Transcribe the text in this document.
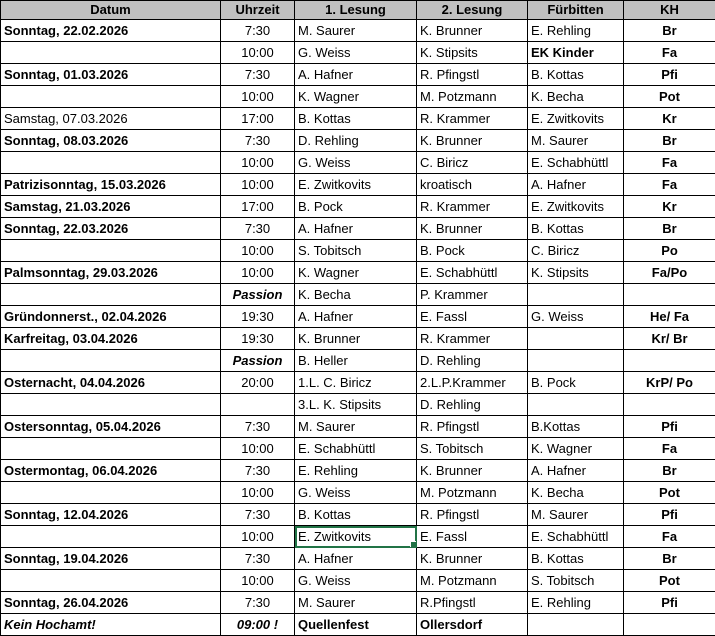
Datum	Uhrzeit	1. Lesung	2. Lesung	Fürbitten	KH
Sonntag, 22.02.2026	7:30	M. Saurer	K. Brunner	E. Rehling	Br
	10:00	G. Weiss	K. Stipsits	EK Kinder	Fa
Sonntag, 01.03.2026	7:30	A. Hafner	R. Pfingstl	B. Kottas	Pfi
	10:00	K. Wagner	M. Potzmann	K. Becha	Pot
Samstag, 07.03.2026	17:00	B. Kottas	R. Krammer	E. Zwitkovits	Kr
Sonntag, 08.03.2026	7:30	D. Rehling	K. Brunner	M. Saurer	Br
	10:00	G. Weiss	C. Biricz	E. Schabhüttl	Fa
Patrizisonntag, 15.03.2026	10:00	E. Zwitkovits	kroatisch	A. Hafner	Fa
Samstag, 21.03.2026	17:00	B. Pock	R. Krammer	E. Zwitkovits	Kr
Sonntag, 22.03.2026	7:30	A. Hafner	K. Brunner	B. Kottas	Br
	10:00	S. Tobitsch	B. Pock	C. Biricz	Po
Palmsonntag, 29.03.2026	10:00	K. Wagner	E. Schabhüttl	K. Stipsits	Fa/Po
	Passion	K. Becha	P. Krammer		
Gründonnerst., 02.04.2026	19:30	A. Hafner	E. Fassl	G. Weiss	He/ Fa
Karfreitag, 03.04.2026	19:30	K. Brunner	R. Krammer		Kr/ Br
	Passion	B. Heller	D. Rehling		
Osternacht, 04.04.2026	20:00	1.L. C. Biricz	2.L.P.Krammer	B. Pock	KrP/ Po
		3.L. K. Stipsits	D. Rehling		
Ostersonntag, 05.04.2026	7:30	M. Saurer	R. Pfingstl	B.Kottas	Pfi
	10:00	E. Schabhüttl	S. Tobitsch	K. Wagner	Fa
Ostermontag, 06.04.2026	7:30	E. Rehling	K. Brunner	A. Hafner	Br
	10:00	G. Weiss	M. Potzmann	K. Becha	Pot
Sonntag, 12.04.2026	7:30	B. Kottas	R. Pfingstl	M. Saurer	Pfi
	10:00	E. Zwitkovits	E. Fassl	E. Schabhüttl	Fa
Sonntag, 19.04.2026	7:30	A. Hafner	K. Brunner	B. Kottas	Br
	10:00	G. Weiss	M. Potzmann	S. Tobitsch	Pot
Sonntag, 26.04.2026	7:30	M. Saurer	R.Pfingstl	E. Rehling	Pfi
Kein Hochamt!	09:00 !	Quellenfest	Ollersdorf		
